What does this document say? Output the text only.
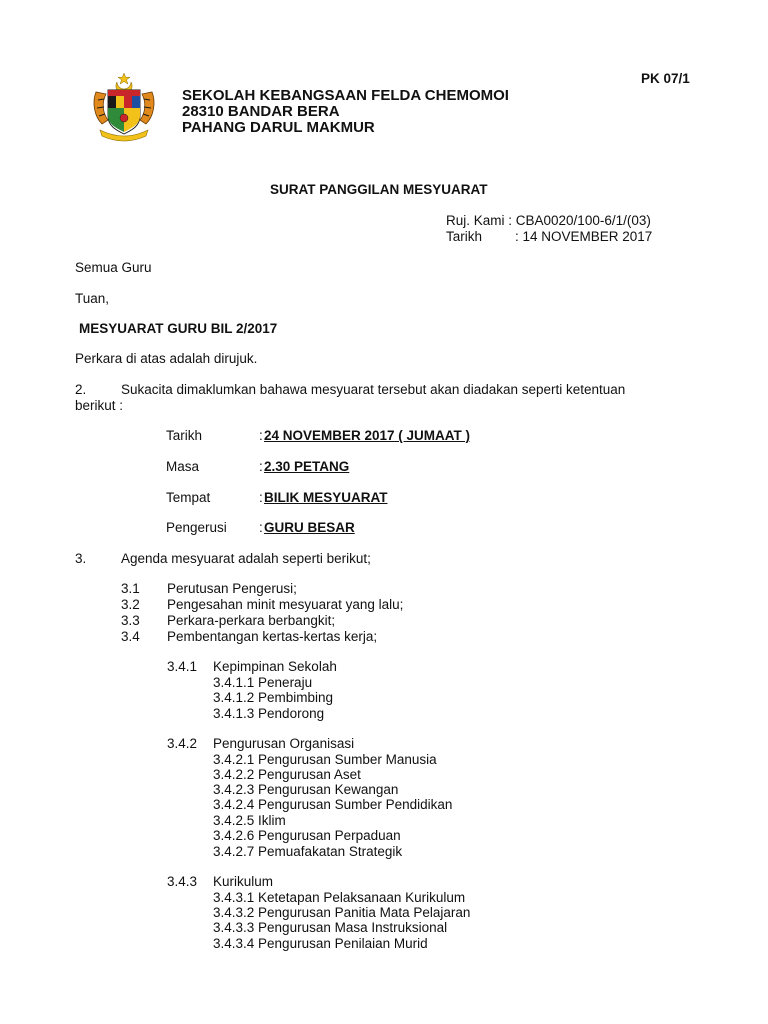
PK 07/1
SEKOLAH KEBANGSAAN FELDA CHEMOMOI
28310 BANDAR BERA
PAHANG DARUL MAKMUR
SURAT PANGGILAN MESYUARAT
Ruj. Kami : CBA0020/100-6/1/(03)
Tarikh : 14 NOVEMBER 2017
Semua Guru
Tuan,
MESYUARAT GURU BIL 2/2017
Perkara di atas adalah dirujuk.
2.	Sukacita dimaklumkan bahawa mesyuarat tersebut akan diadakan seperti ketentuan
berikut :
Tarikh	: 24 NOVEMBER 2017 ( JUMAAT )
Masa	: 2.30 PETANG
Tempat	: BILIK MESYUARAT
Pengerusi : GURU BESAR
3.	Agenda mesyuarat adalah seperti berikut;
3.1 Perutusan Pengerusi;
3.2 Pengesahan minit mesyuarat yang lalu;
3.3 Perkara-perkara berbangkit;
3.4 Pembentangan kertas-kertas kerja;
3.4.1 Kepimpinan Sekolah
3.4.1.1 Peneraju
3.4.1.2 Pembimbing
3.4.1.3 Pendorong
3.4.2 Pengurusan Organisasi
3.4.2.1 Pengurusan Sumber Manusia
3.4.2.2 Pengurusan Aset
3.4.2.3 Pengurusan Kewangan
3.4.2.4 Pengurusan Sumber Pendidikan
3.4.2.5 Iklim
3.4.2.6 Pengurusan Perpaduan
3.4.2.7 Pemuafakatan Strategik
3.4.3 Kurikulum
3.4.3.1 Ketetapan Pelaksanaan Kurikulum
3.4.3.2 Pengurusan Panitia Mata Pelajaran
3.4.3.3 Pengurusan Masa Instruksional
3.4.3.4 Pengurusan Penilaian Murid
